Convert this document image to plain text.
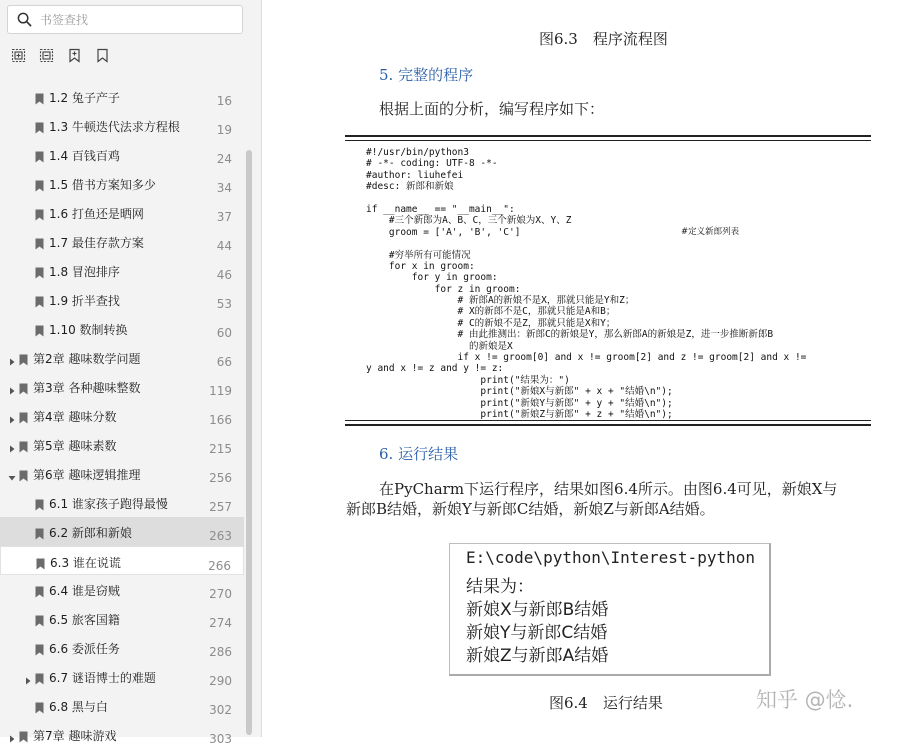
书签查找
1.2 兔子产子	16
1.3 牛顿迭代法求方程根	19
1.4 百钱百鸡	24
1.5 借书方案知多少	34
1.6 打鱼还是晒网	37
1.7 最佳存款方案	44
1.8 冒泡排序	46
1.9 折半查找	53
1.10 数制转换	60
第2章 趣味数学问题	66
第3章 各种趣味整数	119
第4章 趣味分数	166
第5章 趣味素数	215
第6章 趣味逻辑推理	256
6.1 谁家孩子跑得最慢	257
6.2 新郎和新娘	263
6.3 谁在说谎	266
6.4 谁是窃贼	270
6.5 旅客国籍	274
6.6 委派任务	286
6.7 谜语博士的难题	290
6.8 黑与白	302
第7章 趣味游戏	303
图6.3　程序流程图
5. 完整的程序
根据上面的分析，编写程序如下：
#!/usr/bin/python3
# -*- coding: UTF-8 -*-
#author: liuhefei
#desc: 新郎和新娘
if __name__ == "__main__":
#三个新郎为A、B、C，三个新娘为X、Y、Z
groom = ['A', 'B', 'C']
#穷举所有可能情况
for x in groom:
for y in groom:
for z in groom:
# 新郎A的新娘不是X，那就只能是Y和Z；
# X的新郎不是C，那就只能是A和B；
# C的新娘不是Z，那就只能是X和Y；
# 由此推测出：新郎C的新娘是Y，那么新郎A的新娘是Z，进一步推断新郎B
的新娘是X
if x != groom[0] and x != groom[2] and z != groom[2] and x !=
y and x != z and y != z:
print("结果为：")
print("新娘X与新郎" + x + "结婚\n");
print("新娘Y与新郎" + y + "结婚\n");
print("新娘Z与新郎" + z + "结婚\n");
#定义新郎列表
6. 运行结果
在PyCharm下运行程序，结果如图6.4所示。由图6.4可见，新娘X与
新郎B结婚，新娘Y与新郎C结婚，新娘Z与新郎A结婚。
E:\code\python\Interest-python
结果为：
新娘X与新郎B结婚
新娘Y与新郎C结婚
新娘Z与新郎A结婚
图6.4　运行结果	知乎 @惗.
